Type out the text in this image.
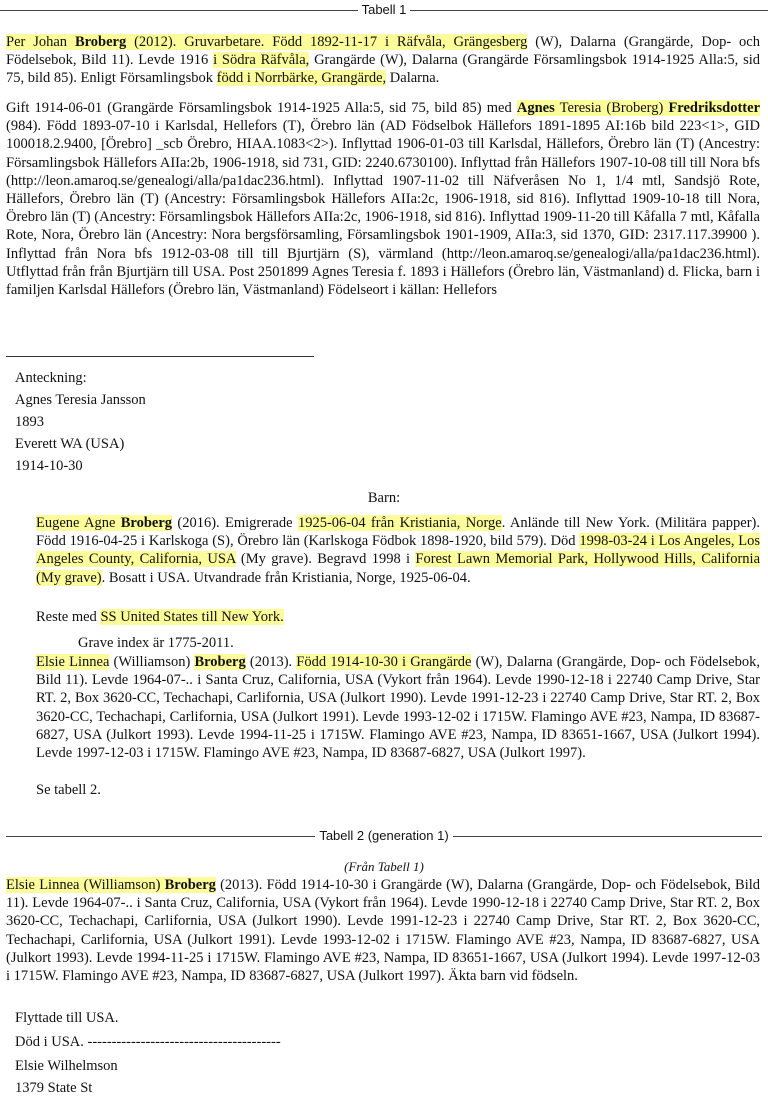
Tabell 1

Per Johan Broberg (2012). Gruvarbetare. Född 1892-11-17 i Räfvåla, Grängesberg (W), Dalarna (Grangärde, Dop- och Födelsebok, Bild 11). Levde 1916 i Södra Räfvåla, Grangärde (W), Dalarna (Grangärde Församlingsbok 1914-1925 Alla:5, sid 75, bild 85). Enligt Församlingsbok född i Norrbärke, Grangärde, Dalarna.

Gift 1914-06-01 (Grangärde Församlingsbok 1914-1925 Alla:5, sid 75, bild 85) med Agnes Teresia (Broberg) Fredriksdotter (984). Född 1893-07-10 i Karlsdal, Hellefors (T), Örebro län (AD Födselbok Hällefors 1891-1895 AI:16b bild 223<1>, GID 100018.2.9400, [Örebro] _scb Örebro, HIAA.1083<2>). Inflyttad 1906-01-03 till Karlsdal, Hällefors, Örebro län (T) (Ancestry: Församlingsbok Hällefors AIIa:2b, 1906-1918, sid 731, GID: 2240.6730100). Inflyttad från Hällefors 1907-10-08 till till Nora bfs (http://leon.amaroq.se/genealogi/alla/pa1dac236.html). Inflyttad 1907-11-02 till Näfveråsen No 1, 1/4 mtl, Sandsjö Rote, Hällefors, Örebro län (T) (Ancestry: Församlingsbok Hällefors AIIa:2c, 1906-1918, sid 816). Inflyttad 1909-10-18 till Nora, Örebro län (T) (Ancestry: Församlingsbok Hällefors AIIa:2c, 1906-1918, sid 816). Inflyttad 1909-11-20 till Kåfalla 7 mtl, Kåfalla Rote, Nora, Örebro län (Ancestry: Nora bergsförsamling, Församlingsbok 1901-1909, AIIa:3, sid 1370, GID: 2317.117.39900 ). Inflyttad från Nora bfs 1912-03-08 till till Bjurtjärn (S), värmland (http://leon.amaroq.se/genealogi/alla/pa1dac236.html). Utflyttad från från Bjurtjärn till USA. Post 2501899 Agnes Teresia f. 1893 i Hällefors (Örebro län, Västmanland) d. Flicka, barn i familjen Karlsdal Hällefors (Örebro län, Västmanland) Födelseort i källan: Hellefors

Anteckning:

Agnes Teresia Jansson

1893

Everett WA (USA)

1914-10-30

Barn:

Eugene Agne Broberg (2016). Emigrerade 1925-06-04 från Kristiania, Norge. Anlände till New York. (Militära papper). Född 1916-04-25 i Karlskoga (S), Örebro län (Karlskoga Födbok 1898-1920, bild 579). Död 1998-03-24 i Los Angeles, Los Angeles County, California, USA (My grave). Begravd 1998 i Forest Lawn Memorial Park, Hollywood Hills, California (My grave). Bosatt i USA. Utvandrade från Kristiania, Norge, 1925-06-04.

Reste med SS United States till New York.

Grave index är 1775-2011.

Elsie Linnea (Williamson) Broberg (2013). Född 1914-10-30 i Grangärde (W), Dalarna (Grangärde, Dop- och Födelsebok, Bild 11). Levde 1964-07-.. i Santa Cruz, California, USA (Vykort från 1964). Levde 1990-12-18 i 22740 Camp Drive, Star RT. 2, Box 3620-CC, Techachapi, Carlifornia, USA (Julkort 1990). Levde 1991-12-23 i 22740 Camp Drive, Star RT. 2, Box 3620-CC, Techachapi, Carlifornia, USA (Julkort 1991). Levde 1993-12-02 i 1715W. Flamingo AVE #23, Nampa, ID 83687-6827, USA (Julkort 1993). Levde 1994-11-25 i 1715W. Flamingo AVE #23, Nampa, ID 83651-1667, USA (Julkort 1994). Levde 1997-12-03 i 1715W. Flamingo AVE #23, Nampa, ID 83687-6827, USA (Julkort 1997).

Se tabell 2.

Tabell 2 (generation 1)

(Från Tabell 1)

Elsie Linnea (Williamson) Broberg (2013). Född 1914-10-30 i Grangärde (W), Dalarna (Grangärde, Dop- och Födelsebok, Bild 11). Levde 1964-07-.. i Santa Cruz, California, USA (Vykort från 1964). Levde 1990-12-18 i 22740 Camp Drive, Star RT. 2, Box 3620-CC, Techachapi, Carlifornia, USA (Julkort 1990). Levde 1991-12-23 i 22740 Camp Drive, Star RT. 2, Box 3620-CC, Techachapi, Carlifornia, USA (Julkort 1991). Levde 1993-12-02 i 1715W. Flamingo AVE #23, Nampa, ID 83687-6827, USA (Julkort 1993). Levde 1994-11-25 i 1715W. Flamingo AVE #23, Nampa, ID 83651-1667, USA (Julkort 1994). Levde 1997-12-03 i 1715W. Flamingo AVE #23, Nampa, ID 83687-6827, USA (Julkort 1997). Äkta barn vid födseln.

Flyttade till USA.

Död i USA. ----------------------------------------

Elsie Wilhelmson

1379 State St
